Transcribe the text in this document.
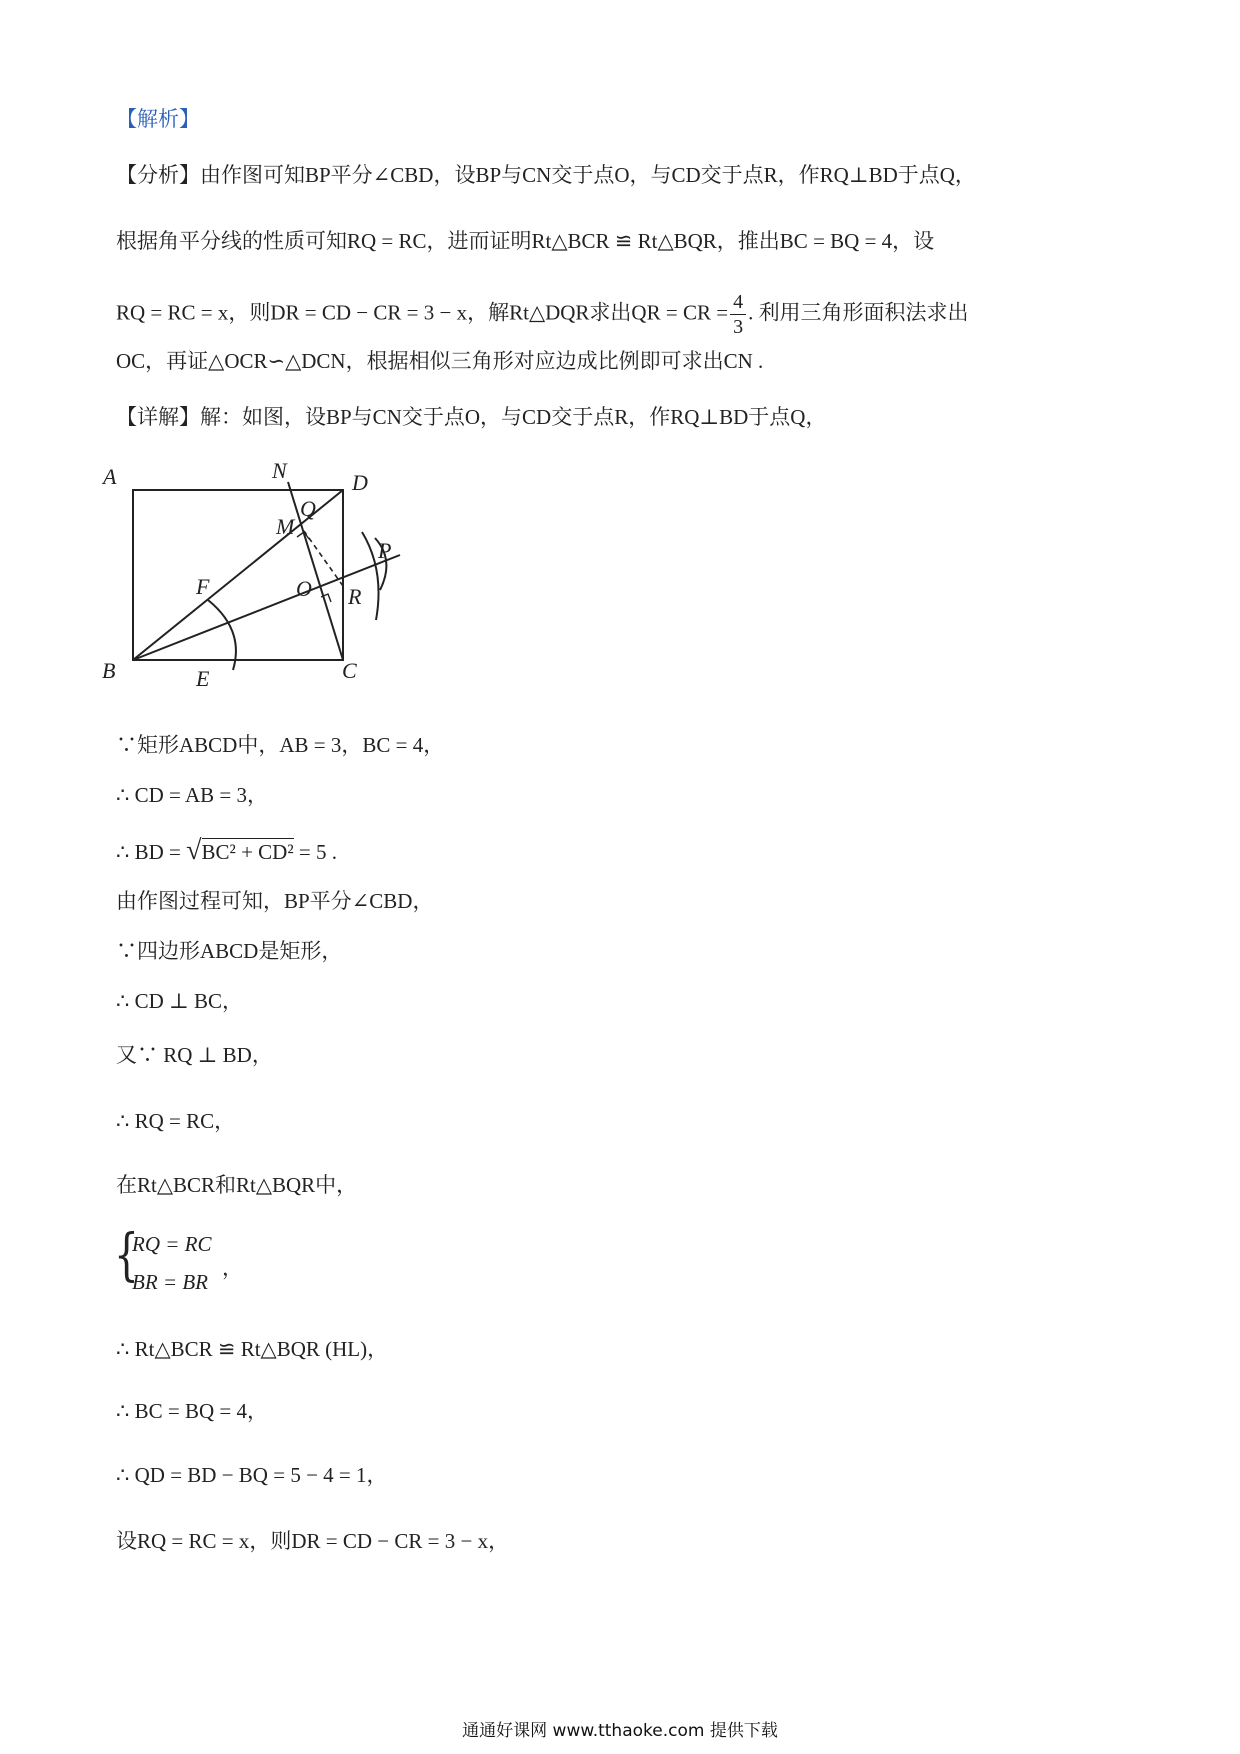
【解析】
【分析】由作图可知BP平分∠CBD，设BP与CN交于点O，与CD交于点R，作RQ⊥BD于点Q，
根据角平分线的性质可知RQ = RC，进而证明Rt△BCR ≌ Rt△BQR，推出BC = BQ = 4，设
RQ = RC = x，则DR = CD − CR = 3 − x，解Rt△DQR求出QR = CR = $\frac{4}{3}$ . 利用三角形面积法求出
OC，再证△OCR∽△DCN，根据相似三角形对应边成比例即可求出CN .
【详解】解：如图，设BP与CN交于点O，与CD交于点R，作RQ⊥BD于点Q，
A	N	D
M
Q
P
F	O R
B	E	C
∵矩形ABCD中，AB = 3，BC = 4，
∴ CD = AB = 3，
∴ BD = √BC² + CD² = 5 .
由作图过程可知，BP平分∠CBD，
∵四边形ABCD是矩形，
∴ CD ⊥ BC，
又∵ RQ ⊥ BD，
∴ RQ = RC，
在Rt△BCR和Rt△BQR中，
{
RQ = RC
BR = BR
，
∴ Rt△BCR ≌ Rt△BQR (HL)，
∴ BC = BQ = 4，
∴ QD = BD − BQ = 5 − 4 = 1，
设RQ = RC = x，则DR = CD − CR = 3 − x，
通通好课网 www.tthaoke.com 提供下载
